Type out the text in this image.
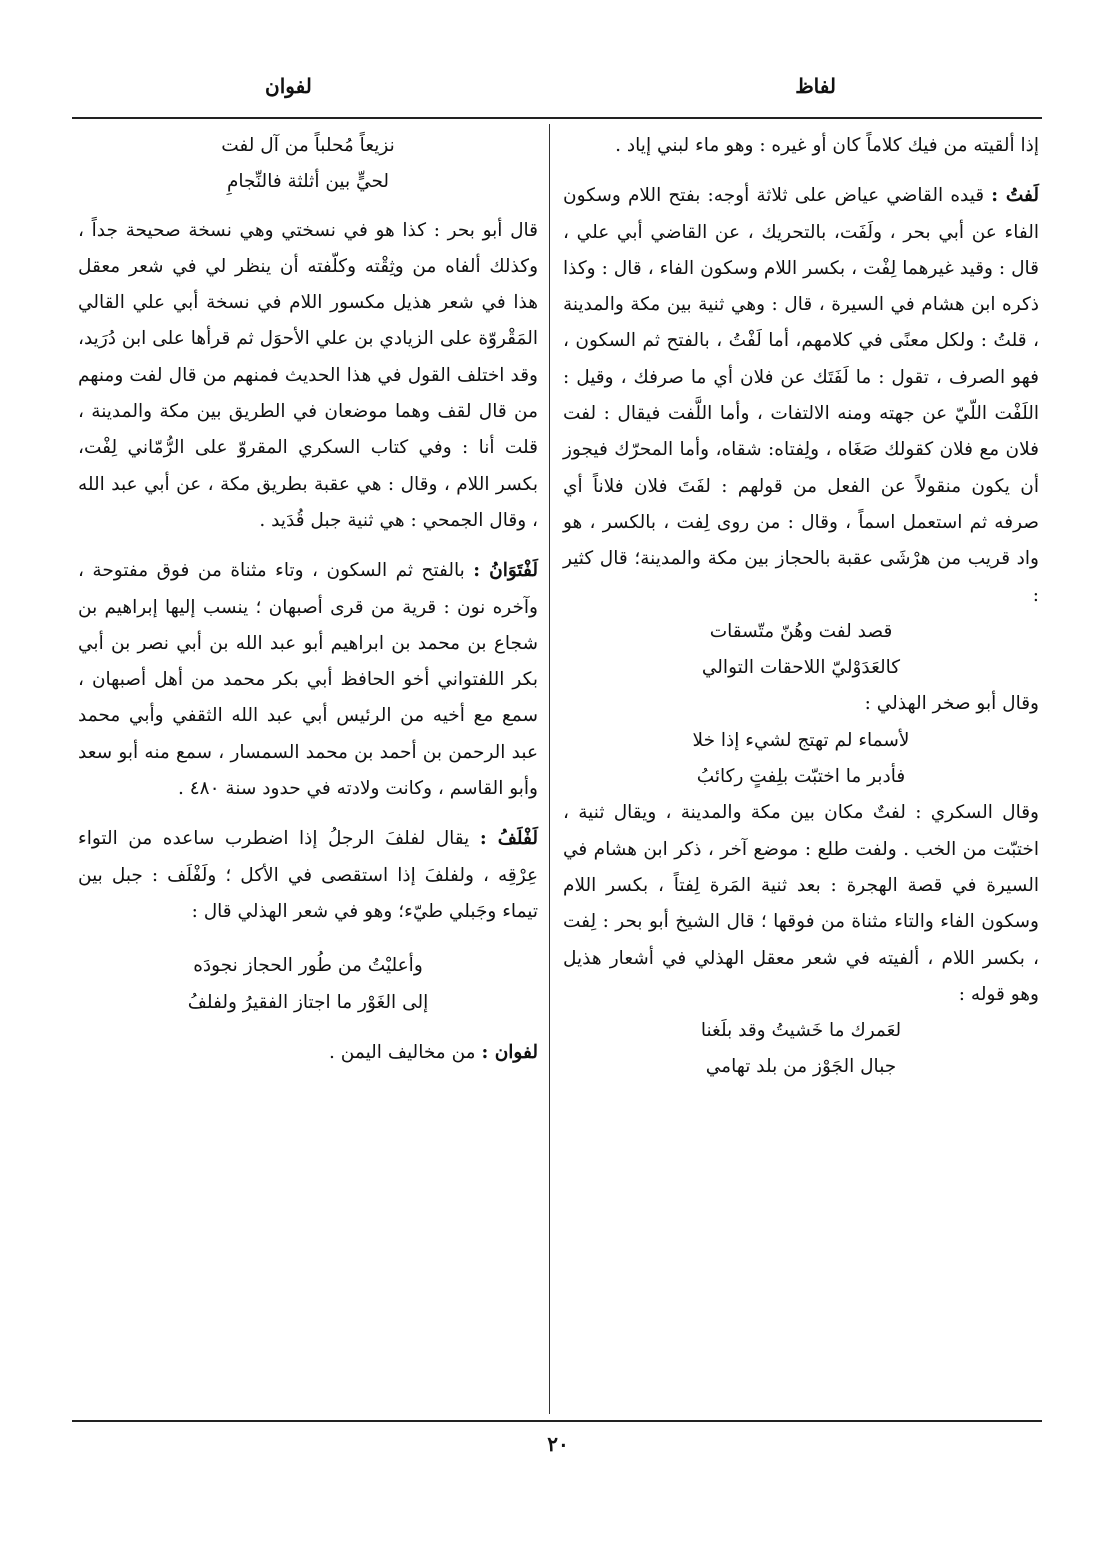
لفاظ
لفوان

إذا ألقيته من فيك كلاماً كان أو غيره : وهو ماء لبني إياد .

لَفتُ : قيده القاضي عياض على ثلاثة أوجه: بفتح اللام وسكون الفاء عن أبي بحر ، ولَفَت، بالتحريك ، عن القاضي أبي علي ، قال : وقيد غيرهما لِفْت ، بكسر اللام وسكون الفاء ، قال : وكذا ذكره ابن هشام في السيرة ، قال : وهي ثنية بين مكة والمدينة ، قلتُ : ولكل معنًى في كلامهم، أما لَفْتُ ، بالفتح ثم السكون ، فهو الصرف ، تقول : ما لَفَتَك عن فلان أي ما صرفك ، وقيل : اللَفْت اللّيّ عن جهته ومنه الالتفات ، وأما اللَّفت فيقال : لفت فلان مع فلان كقولك صَغَاه ، ولِفتاه: شقاه، وأما المحرّك فيجوز أن يكون منقولاً عن الفعل من قولهم : لفَتَ فلان فلاناً أي صرفه ثم استعمل اسماً ، وقال : من روى لِفت ، بالكسر ، هو واد قريب من هرْشَى عقبة بالحجاز بين مكة والمدينة؛ قال كثير :

قصد لفت وهُنّ متّسقات

كالعَدَوْليّ اللاحقات التوالي

وقال أبو صخر الهذلي :

لأسماء لم تهتج لشيء إذا خلا

فأدبر ما اختبّت بلِفتٍ ركائبُ

وقال السكري : لفتٌ مكان بين مكة والمدينة ، ويقال ثنية ، اختبّت من الخب . ولفت طلع : موضع آخر ، ذكر ابن هشام في السيرة في قصة الهجرة : بعد ثنية المَرة لِفتاً ، بكسر اللام وسكون الفاء والتاء مثناة من فوقها ؛ قال الشيخ أبو بحر : لِفت ، بكسر اللام ، ألفيته في شعر معقل الهذلي في أشعار هذيل وهو قوله :

لعَمرك ما خَشيتُ وقد بلَغنا

جبال الجَوْز من بلد تهامي

نزيعاً مُحلباً من آل لفت

لحيٍّ بين أثلثة فالنِّجامِ

قال أبو بحر : كذا هو في نسختي وهي نسخة صحيحة جداً ، وكذلك ألفاه من وثِقْته وكلّفته أن ينظر لي في شعر معقل هذا في شعر هذيل مكسور اللام في نسخة أبي علي القالي المَقْروّة على الزيادي بن علي الأحوَل ثم قرأها على ابن دُرَيد، وقد اختلف القول في هذا الحديث فمنهم من قال لفت ومنهم من قال لقف وهما موضعان في الطريق بين مكة والمدينة ، قلت أنا : وفي كتاب السكري المقروّ على الرُّمّاني لِفْت، بكسر اللام ، وقال : هي عقبة بطريق مكة ، عن أبي عبد الله ، وقال الجمحي : هي ثنية جبل قُدَيد .

لَفْتَوَانُ : بالفتح ثم السكون ، وتاء مثناة من فوق مفتوحة ، وآخره نون : قرية من قرى أصبهان ؛ ينسب إليها إبراهيم بن شجاع بن محمد بن ابراهيم أبو عبد الله بن أبي نصر بن أبي بكر اللفتواني أخو الحافظ أبي بكر محمد من أهل أصبهان ، سمع مع أخيه من الرئيس أبي عبد الله الثقفي وأبي محمد عبد الرحمن بن أحمد بن محمد السمسار ، سمع منه أبو سعد وأبو القاسم ، وكانت ولادته في حدود سنة ٤٨٠ .

لَفْلَفُ : يقال لفلفَ الرجلُ إذا اضطرب ساعده من التواء عِرْقِه ، ولفلفَ إذا استقصى في الأكل ؛ ولَفْلَف : جبل بين تيماء وجَبلي طيّء؛ وهو في شعر الهذلي قال :

وأعليْتُ من طُور الحجاز نجودَه

إلى الغَوْر ما اجتاز الفقيرُ ولفلفُ

لفوان : من مخاليف اليمن .

٢٠
